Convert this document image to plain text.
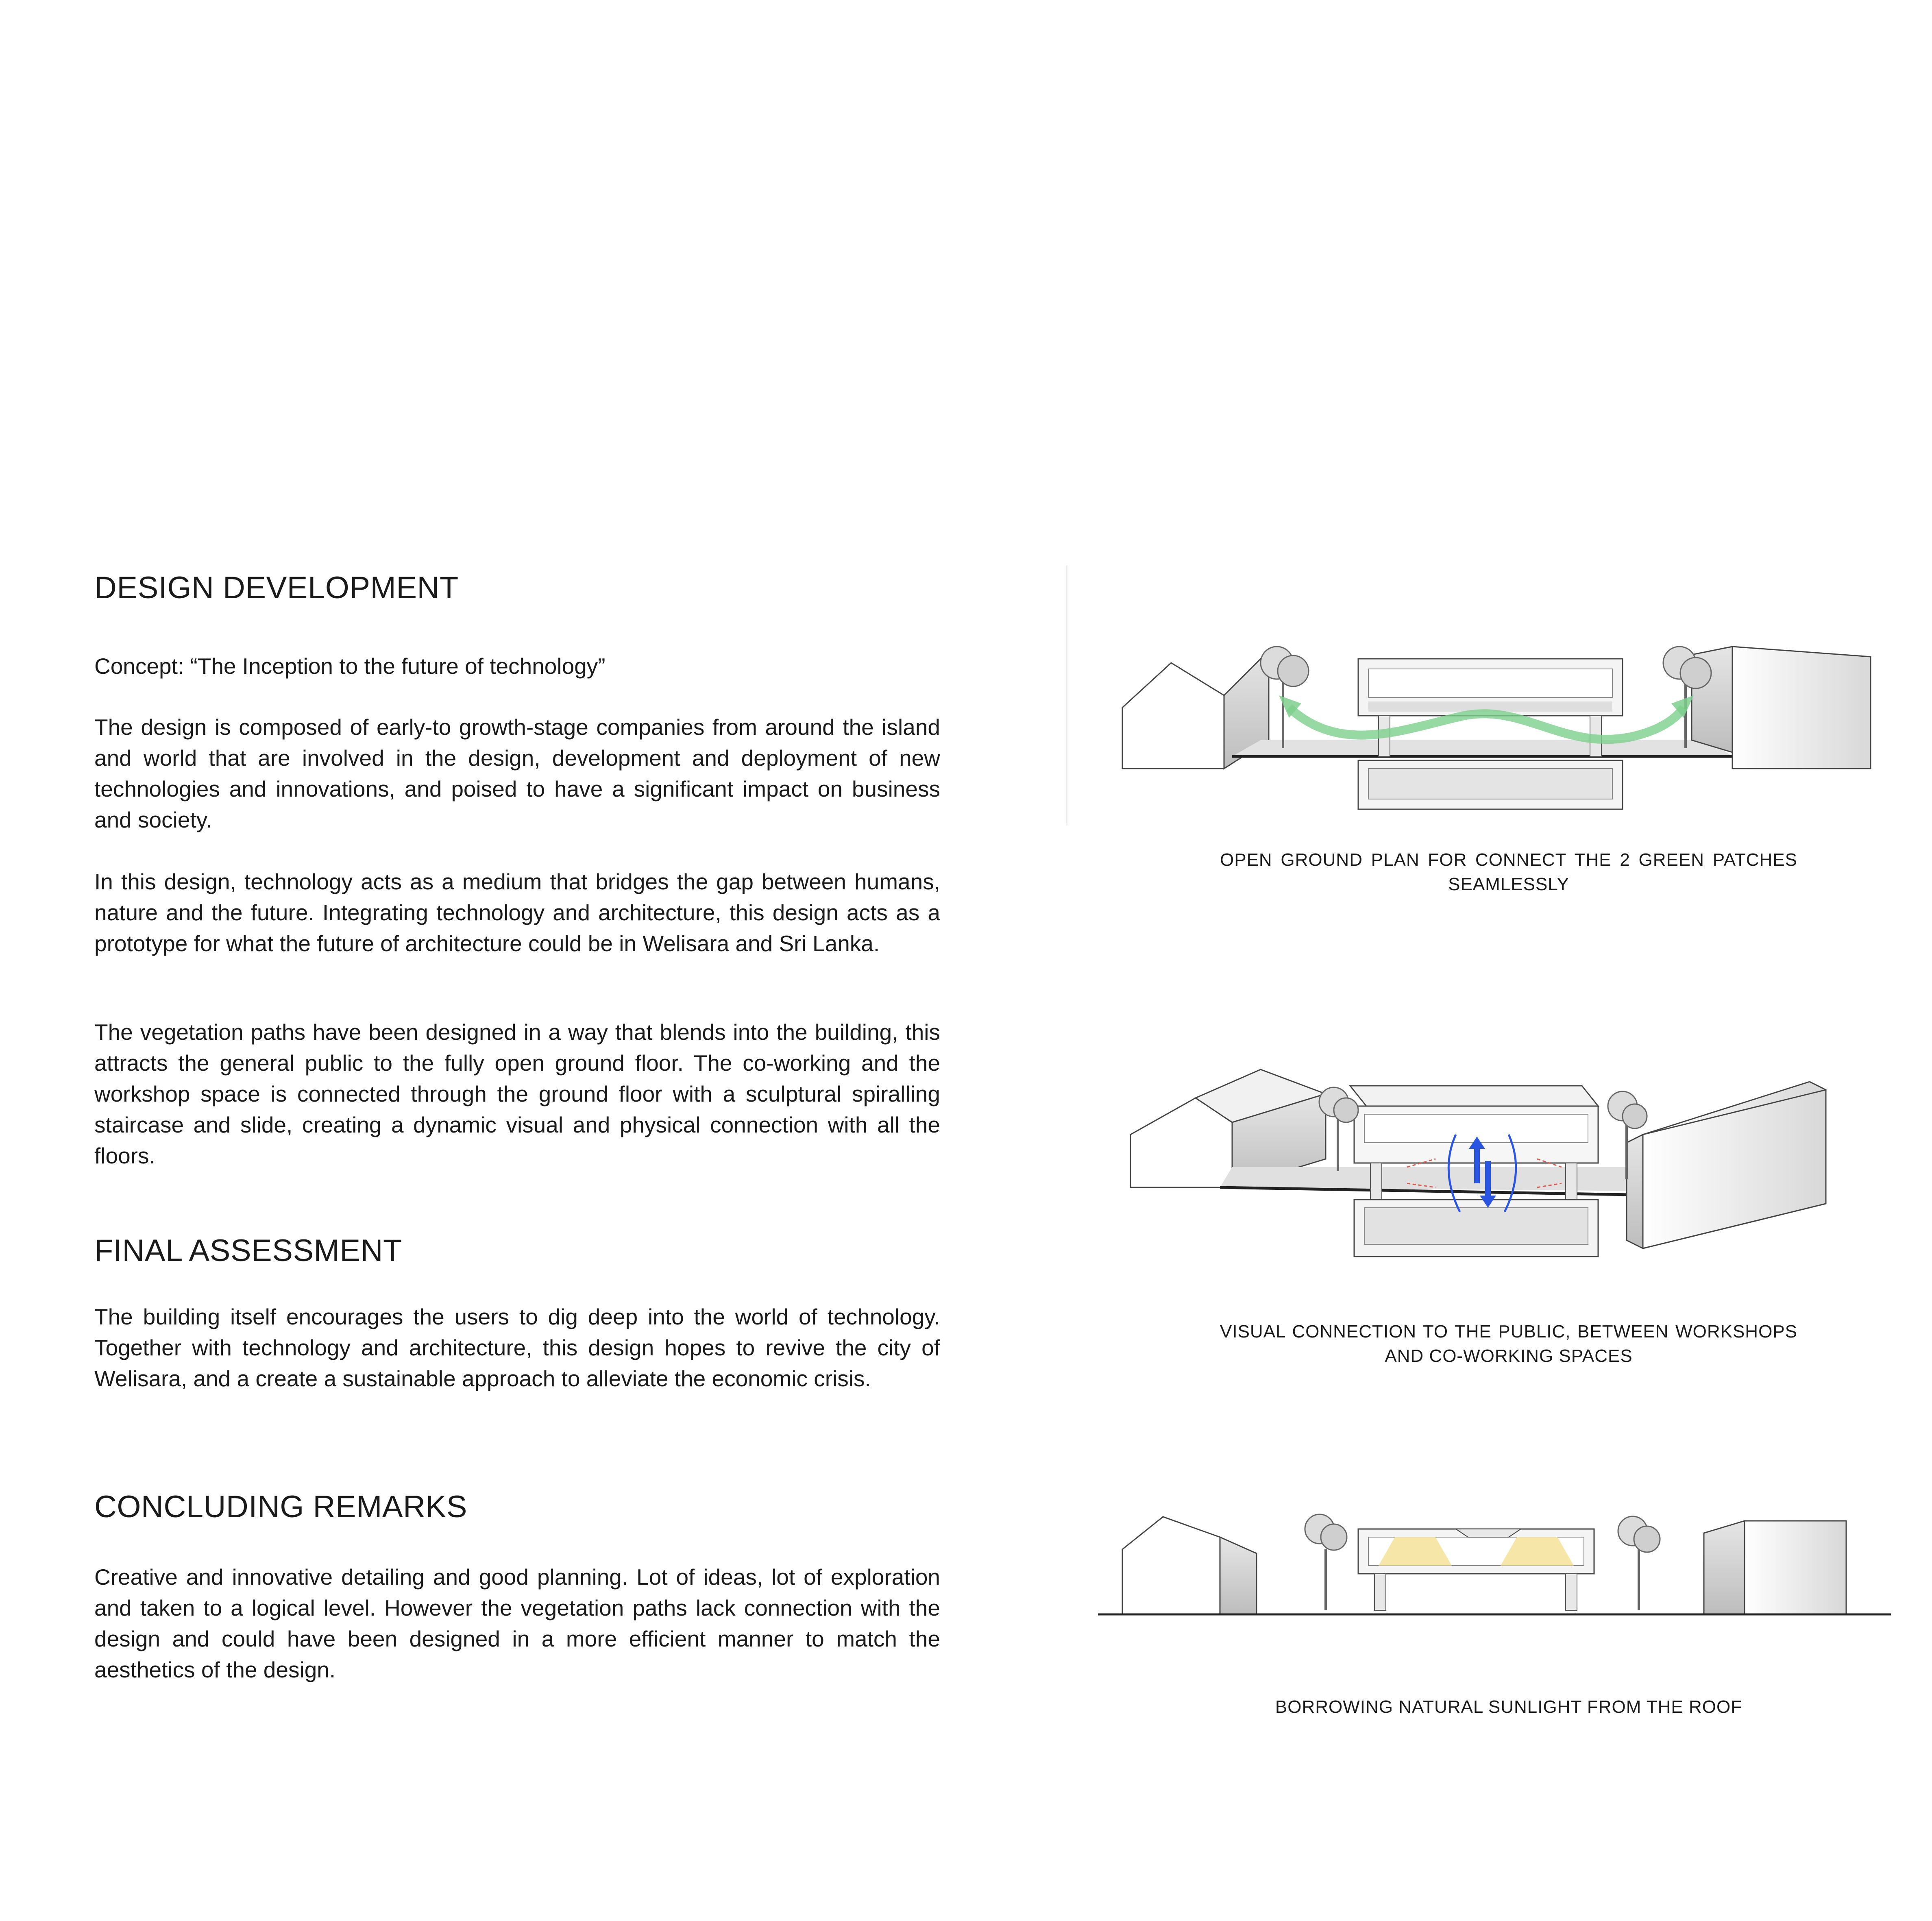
DESIGN DEVELOPMENT

Concept: “The Inception to the future of technology”

The design is composed of early-to growth-stage companies from around the island and world that are involved in the design, development and deployment of new technologies and innovations, and poised to have a significant impact on business and society.

In this design, technology acts as a medium that bridges the gap between humans, nature and the future. Integrating technology and architecture, this design acts as a prototype for what the future of architecture could be in Welisara and Sri Lanka.

The vegetation paths have been designed in a way that blends into the building, this attracts the general public to the fully open ground floor. The co-working and the workshop space is connected through the ground floor with a sculptural spiralling staircase and slide, creating a dynamic visual and physical connection with all the floors.

FINAL ASSESSMENT

The building itself encourages the users to dig deep into the world of technology. Together with technology and architecture, this design hopes to revive the city of Welisara, and a create a sustainable approach to alleviate the economic crisis.

CONCLUDING REMARKS

Creative and innovative detailing and good planning. Lot of ideas, lot of exploration and taken to a logical level. However the vegetation paths lack connection with the design and could have been designed in a more efficient manner to match the aesthetics of the design.

OPEN GROUND PLAN FOR CONNECT THE 2 GREEN PATCHES SEAMLESSLY
VISUAL CONNECTION TO THE PUBLIC, BETWEEN WORKSHOPS AND CO-WORKING SPACES
BORROWING NATURAL SUNLIGHT FROM THE ROOF
